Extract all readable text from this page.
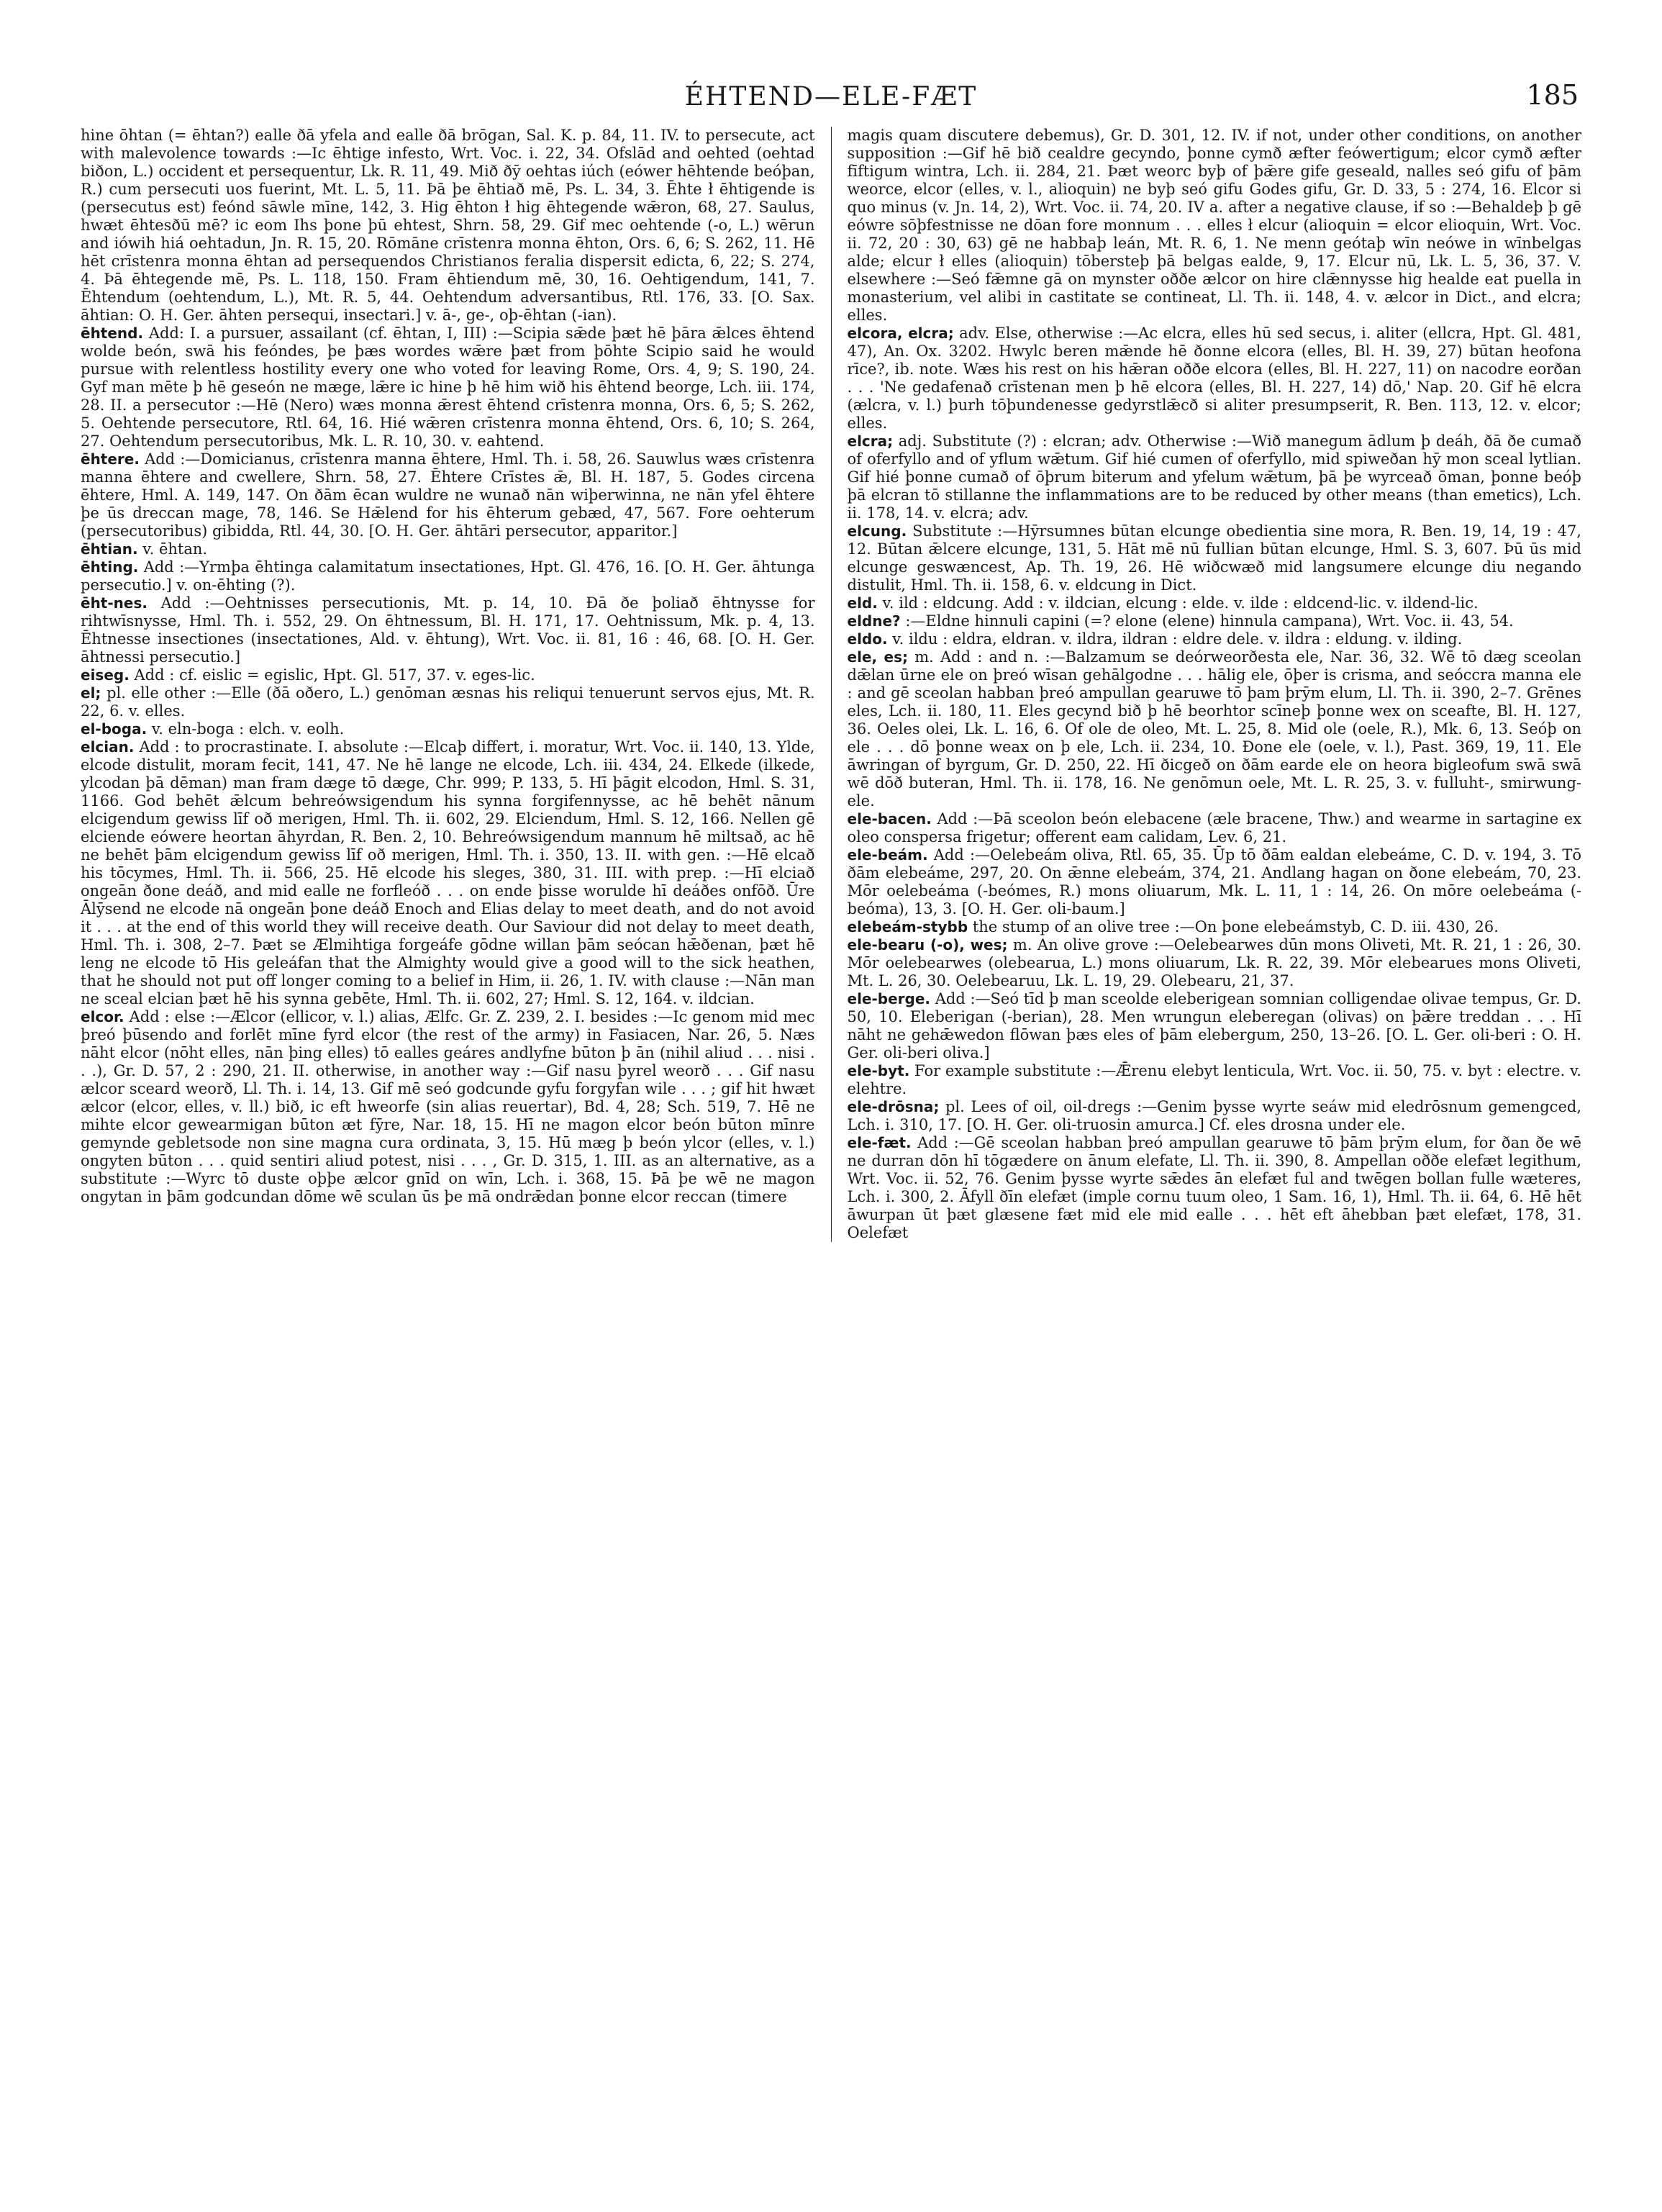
ÉHTEND—ELE-FÆT	185

hine ōhtan (= ēhtan?) ealle ðā yfela and ealle ðā brōgan, Sal. K. p. 84, 11. IV. to persecute, act with malevolence towards :—Ic ēhtige infesto, Wrt. Voc. i. 22, 34. Ofslād and oehted (oehtad biðon, L.) occident et persequentur, Lk. R. 11, 49. Mið ðȳ oehtas iúch (eówer hēhtende beóþan, R.) cum persecuti uos fuerint, Mt. L. 5, 11. Þā þe ēhtiað mē, Ps. L. 34, 3. Ēhte ł ēhtigende is (persecutus est) feónd sāwle mīne, 142, 3. Hig ēhton ł hig ēhtegende wǣron, 68, 27. Saulus, hwæt ēhtesðū mē? ic eom Ihs þone þū ehtest, Shrn. 58, 29. Gif mec oehtende (-o, L.) wērun and iówih hiá oehtadun, Jn. R. 15, 20. Rōmāne crīstenra monna ēhton, Ors. 6, 6; S. 262, 11. Hē hēt crīstenra monna ēhtan ad persequendos Christianos feralia dispersit edicta, 6, 22; S. 274, 4. Þā ēhtegende mē, Ps. L. 118, 150. Fram ēhtiendum mē, 30, 16. Oehtigendum, 141, 7. Ēhtendum (oehtendum, L.), Mt. R. 5, 44. Oehtendum adversantibus, Rtl. 176, 33. [O. Sax. āhtian: O. H. Ger. āhten persequi, insectari.] v. ā-, ge-, oþ-ēhtan (-ian).

ēhtend. Add: I. a pursuer, assailant (cf. ēhtan, I, III) :—Scipia sǣde þæt hē þāra ǣlces ēhtend wolde beón, swā his feóndes, þe þæs wordes wǣre þæt from þōhte Scipio said he would pursue with relentless hostility every one who voted for leaving Rome, Ors. 4, 9; S. 190, 24. Gyf man mēte þ hē geseón ne mæge, lǣre ic hine þ hē him wið his ēhtend beorge, Lch. iii. 174, 28. II. a persecutor :—Hē (Nero) wæs monna ǣrest ēhtend crīstenra monna, Ors. 6, 5; S. 262, 5. Oehtende persecutore, Rtl. 64, 16. Hié wǣren crīstenra monna ēhtend, Ors. 6, 10; S. 264, 27. Oehtendum persecutoribus, Mk. L. R. 10, 30. v. eahtend.

ēhtere. Add :—Domicianus, crīstenra manna ēhtere, Hml. Th. i. 58, 26. Sauwlus wæs crīstenra manna ēhtere and cwellere, Shrn. 58, 27. Ēhtere Crīstes ǣ, Bl. H. 187, 5. Godes circena ēhtere, Hml. A. 149, 147. On ðām ēcan wuldre ne wunað nān wiþerwinna, ne nān yfel ēhtere þe ūs dreccan mage, 78, 146. Se Hǣlend for his ēhterum gebæd, 47, 567. Fore oehterum (persecutoribus) gibidda, Rtl. 44, 30. [O. H. Ger. āhtāri persecutor, apparitor.]

ēhtian. v. ēhtan.

ēhting. Add :—Yrmþa ēhtinga calamitatum insectationes, Hpt. Gl. 476, 16. [O. H. Ger. āhtunga persecutio.] v. on-ēhting (?).

ēht-nes. Add :—Oehtnisses persecutionis, Mt. p. 14, 10. Ðā ðe þoliað ēhtnysse for rihtwīsnysse, Hml. Th. i. 552, 29. On ēhtnessum, Bl. H. 171, 17. Oehtnissum, Mk. p. 4, 13. Ēhtnesse insectiones (insectationes, Ald. v. ēhtung), Wrt. Voc. ii. 81, 16 : 46, 68. [O. H. Ger. āhtnessi persecutio.]

eiseg. Add : cf. eislic = egislic, Hpt. Gl. 517, 37. v. eges-lic.

el; pl. elle other :—Elle (ðā oðero, L.) genōman æsnas his reliqui tenuerunt servos ejus, Mt. R. 22, 6. v. elles.

el-boga. v. eln-boga : elch. v. eolh.

elcian. Add : to procrastinate. I. absolute :—Elcaþ differt, i. moratur, Wrt. Voc. ii. 140, 13. Ylde, elcode distulit, moram fecit, 141, 47. Ne hē lange ne elcode, Lch. iii. 434, 24. Elkede (ilkede, ylcodan þā dēman) man fram dæge tō dæge, Chr. 999; P. 133, 5. Hī þāgit elcodon, Hml. S. 31, 1166. God behēt ǣlcum behreówsigendum his synna forgifennysse, ac hē behēt nānum elcigendum gewiss līf oð merigen, Hml. Th. ii. 602, 29. Elciendum, Hml. S. 12, 166. Nellen gē elciende eówere heortan āhyrdan, R. Ben. 2, 10. Behreówsigendum mannum hē miltsað, ac hē ne behēt þām elcigendum gewiss līf oð merigen, Hml. Th. i. 350, 13. II. with gen. :—Hē elcað his tōcymes, Hml. Th. ii. 566, 25. Hē elcode his sleges, 380, 31. III. with prep. :—Hī elciað ongeān ðone deáð, and mid ealle ne forfleóð . . . on ende þisse worulde hī deáðes onfōð. Ūre Ālȳsend ne elcode nā ongeān þone deáð Enoch and Elias delay to meet death, and do not avoid it . . . at the end of this world they will receive death. Our Saviour did not delay to meet death, Hml. Th. i. 308, 2–7. Þæt se Ælmihtiga forgeáfe gōdne willan þām seócan hǣðenan, þæt hē leng ne elcode tō His geleáfan that the Almighty would give a good will to the sick heathen, that he should not put off longer coming to a belief in Him, ii. 26, 1. IV. with clause :—Nān man ne sceal elcian þæt hē his synna gebēte, Hml. Th. ii. 602, 27; Hml. S. 12, 164. v. ildcian.

elcor. Add : else :—Ælcor (ellicor, v. l.) alias, Ælfc. Gr. Z. 239, 2. I. besides :—Ic genom mid mec þreó þūsendo and forlēt mīne fyrd elcor (the rest of the army) in Fasiacen, Nar. 26, 5. Næs nāht elcor (nōht elles, nān þing elles) tō ealles geáres andlyfne būton þ ān (nihil aliud . . . nisi . . .), Gr. D. 57, 2 : 290, 21. II. otherwise, in another way :—Gif nasu þyrel weorð . . . Gif nasu ælcor sceard weorð, Ll. Th. i. 14, 13. Gif mē seó godcunde gyfu forgyfan wile . . . ; gif hit hwæt ælcor (elcor, elles, v. ll.) bið, ic eft hweorfe (sin alias reuertar), Bd. 4, 28; Sch. 519, 7. Hē ne mihte elcor gewearmigan būton æt fȳre, Nar. 18, 15. Hī ne magon elcor beón būton mīnre gemynde gebletsode non sine magna cura ordinata, 3, 15. Hū mæg þ beón ylcor (elles, v. l.) ongyten būton . . . quid sentiri aliud potest, nisi . . . , Gr. D. 315, 1. III. as an alternative, as a substitute :—Wyrc tō duste oþþe ælcor gnīd on wīn, Lch. i. 368, 15. Þā þe wē ne magon ongytan in þām godcundan dōme wē sculan ūs þe mā ondrǣdan þonne elcor reccan (timere

magis quam discutere debemus), Gr. D. 301, 12. IV. if not, under other conditions, on another supposition :—Gif hē bið cealdre gecyndo, þonne cymð æfter feówertigum; elcor cymð æfter fīftigum wintra, Lch. ii. 284, 21. Þæt weorc byþ of þǣre gife geseald, nalles seó gifu of þām weorce, elcor (elles, v. l., alioquin) ne byþ seó gifu Godes gifu, Gr. D. 33, 5 : 274, 16. Elcor si quo minus (v. Jn. 14, 2), Wrt. Voc. ii. 74, 20. IV a. after a negative clause, if so :—Behaldeþ þ gē eówre sōþfestnisse ne dōan fore monnum . . . elles ł elcur (alioquin = elcor elioquin, Wrt. Voc. ii. 72, 20 : 30, 63) gē ne habbaþ leán, Mt. R. 6, 1. Ne menn geótaþ wīn neówe in wīnbelgas alde; elcur ł elles (alioquin) tōbersteþ þā belgas ealde, 9, 17. Elcur nū, Lk. L. 5, 36, 37. V. elsewhere :—Seó fǣmne gā on mynster oððe ælcor on hire clǣnnysse hig healde eat puella in monasterium, vel alibi in castitate se contineat, Ll. Th. ii. 148, 4. v. ælcor in Dict., and elcra; elles.

elcora, elcra; adv. Else, otherwise :—Ac elcra, elles hū sed secus, i. aliter (ellcra, Hpt. Gl. 481, 47), An. Ox. 3202. Hwylc beren mǣnde hē ðonne elcora (elles, Bl. H. 39, 27) būtan heofona rīce?, ib. note. Wæs his rest on his hǣran oððe elcora (elles, Bl. H. 227, 11) on nacodre eorðan . . . 'Ne gedafenað crīstenan men þ hē elcora (elles, Bl. H. 227, 14) dō,' Nap. 20. Gif hē elcra (ælcra, v. l.) þurh tōþundenesse gedyrstlǣcð si aliter presumpserit, R. Ben. 113, 12. v. elcor; elles.

elcra; adj. Substitute (?) : elcran; adv. Otherwise :—Wið manegum ādlum þ deáh, ðā ðe cumað of oferfyllo and of yflum wǣtum. Gif hié cumen of oferfyllo, mid spiweðan hȳ mon sceal lytlian. Gif hié þonne cumað of ōþrum biterum and yfelum wǣtum, þā þe wyrceað ōman, þonne beóþ þā elcran tō stillanne the inflammations are to be reduced by other means (than emetics), Lch. ii. 178, 14. v. elcra; adv.

elcung. Substitute :—Hȳrsumnes būtan elcunge obedientia sine mora, R. Ben. 19, 14, 19 : 47, 12. Būtan ǣlcere elcunge, 131, 5. Hāt mē nū fullian būtan elcunge, Hml. S. 3, 607. Þū ūs mid elcunge geswæncest, Ap. Th. 19, 26. Hē wiðcwæð mid langsumere elcunge diu negando distulit, Hml. Th. ii. 158, 6. v. eldcung in Dict.

eld. v. ild : eldcung. Add : v. ildcian, elcung : elde. v. ilde : eldcend-lic. v. ildend-lic.

eldne? :—Eldne hinnuli capini (=? elone (elene) hinnula campana), Wrt. Voc. ii. 43, 54.

eldo. v. ildu : eldra, eldran. v. ildra, ildran : eldre dele. v. ildra : eldung. v. ilding.

ele, es; m. Add : and n. :—Balzamum se deórweorðesta ele, Nar. 36, 32. Wē tō dæg sceolan dǣlan ūrne ele on þreó wīsan gehālgodne . . . hālig ele, ōþer is crisma, and seóccra manna ele : and gē sceolan habban þreó ampullan gearuwe tō þam þrȳm elum, Ll. Th. ii. 390, 2–7. Grēnes eles, Lch. ii. 180, 11. Eles gecynd bið þ hē beorhtor scīneþ þonne wex on sceafte, Bl. H. 127, 36. Oeles olei, Lk. L. 16, 6. Of ole de oleo, Mt. L. 25, 8. Mid ole (oele, R.), Mk. 6, 13. Seóþ on ele . . . dō þonne weax on þ ele, Lch. ii. 234, 10. Ðone ele (oele, v. l.), Past. 369, 19, 11. Ele āwringan of byrgum, Gr. D. 250, 22. Hī ðicgeð on ðām earde ele on heora bigleofum swā swā wē dōð buteran, Hml. Th. ii. 178, 16. Ne genōmun oele, Mt. L. R. 25, 3. v. fulluht-, smirwung-ele.

ele-bacen. Add :—Þā sceolon beón elebacene (æle bracene, Thw.) and wearme in sartagine ex oleo conspersa frigetur; offerent eam calidam, Lev. 6, 21.

ele-beám. Add :—Oelebeám oliva, Rtl. 65, 35. Ūp tō ðām ealdan elebeáme, C. D. v. 194, 3. Tō ðām elebeáme, 297, 20. On ǣnne elebeám, 374, 21. Andlang hagan on ðone elebeám, 70, 23. Mōr oelebeáma (-beómes, R.) mons oliuarum, Mk. L. 11, 1 : 14, 26. On mōre oelebeáma (-beóma), 13, 3. [O. H. Ger. oli-baum.]

elebeám-stybb the stump of an olive tree :—On þone elebeámstyb, C. D. iii. 430, 26.

ele-bearu (-o), wes; m. An olive grove :—Oelebearwes dūn mons Oliveti, Mt. R. 21, 1 : 26, 30. Mōr oelebearwes (olebearua, L.) mons oliuarum, Lk. R. 22, 39. Mōr elebearues mons Oliveti, Mt. L. 26, 30. Oelebearuu, Lk. L. 19, 29. Olebearu, 21, 37.

ele-berge. Add :—Seó tīd þ man sceolde eleberigean somnian colligendae olivae tempus, Gr. D. 50, 10. Eleberigan (-berian), 28. Men wrungun eleberegan (olivas) on þǣre treddan . . . Hī nāht ne gehǣwedon flōwan þæs eles of þām elebergum, 250, 13–26. [O. L. Ger. oli-beri : O. H. Ger. oli-beri oliva.]

ele-byt. For example substitute :—Ǣrenu elebyt lenticula, Wrt. Voc. ii. 50, 75. v. byt : electre. v. elehtre.

ele-drōsna; pl. Lees of oil, oil-dregs :—Genim þysse wyrte seáw mid eledrōsnum gemengced, Lch. i. 310, 17. [O. H. Ger. oli-truosin amurca.] Cf. eles drosna under ele.

ele-fæt. Add :—Gē sceolan habban þreó ampullan gearuwe tō þām þrȳm elum, for ðan ðe wē ne durran dōn hī tōgædere on ānum elefate, Ll. Th. ii. 390, 8. Ampellan oððe elefæt legithum, Wrt. Voc. ii. 52, 76. Genim þysse wyrte sǣdes ān elefæt ful and twēgen bollan fulle wæteres, Lch. i. 300, 2. Āfyll ðīn elefæt (imple cornu tuum oleo, 1 Sam. 16, 1), Hml. Th. ii. 64, 6. Hē hēt āwurpan ūt þæt glæsene fæt mid ele mid ealle . . . hēt eft āhebban þæt elefæt, 178, 31. Oelefæt
